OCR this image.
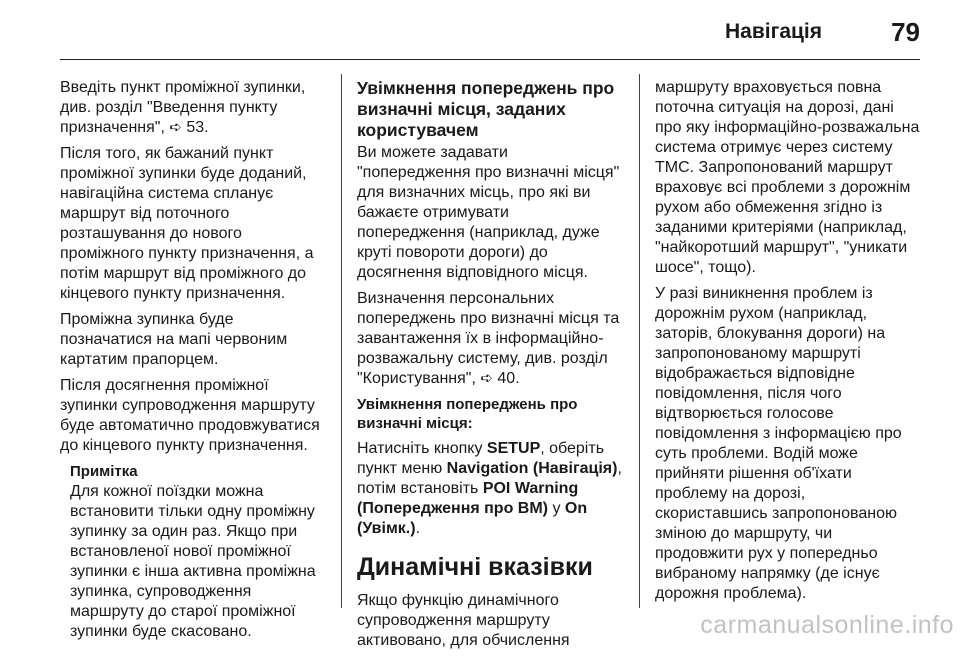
Навігація	79

Введіть пункт проміжної зупинки,
див. розділ "Введення пункту
призначення", ➪ 53.

Після того, як бажаний пункт
проміжної зупинки буде доданий,
навігаційна система спланує
маршрут від поточного
розташування до нового
проміжного пункту призначення, а
потім маршрут від проміжного до
кінцевого пункту призначення.

Проміжна зупинка буде
позначатися на мапі червоним
картатим прапорцем.

Після досягнення проміжної
зупинки супроводження маршруту
буде автоматично продовжуватися
до кінцевого пункту призначення.

Примітка
Для кожної поїздки можна
встановити тільки одну проміжну
зупинку за один раз. Якщо при
встановленої нової проміжної
зупинки є інша активна проміжна
зупинка, супроводження
маршруту до старої проміжної
зупинки буде скасовано.
Увімкнення попереджень про
визначні місця, заданих
користувачем

Ви можете задавати
"попередження про визначні місця"
для визначних місць, про які ви
бажаєте отримувати
попередження (наприклад, дуже
круті повороти дороги) до
досягнення відповідного місця.

Визначення персональних
попереджень про визначні місця та
завантаження їх в інформаційно-
розважальну систему, див. розділ
"Користування", ➪ 40.

Увімкнення попереджень про
визначні місця:

Натисніть кнопку SETUP, оберіть
пункт меню Navigation (Навігація),
потім встановіть POI Warning
(Попередження про ВМ) у On
(Увімк.).

Динамічні вказівки

Якщо функцію динамічного
супроводження маршруту
активовано, для обчислення

маршруту враховується повна
поточна ситуація на дорозі, дані
про яку інформаційно-розважальна
система отримує через систему
TMC. Запропонований маршрут
враховує всі проблеми з дорожнім
рухом або обмеження згідно із
заданими критеріями (наприклад,
"найкоротший маршрут", "уникати
шосе", тощо).

У разі виникнення проблем із
дорожнім рухом (наприклад,
заторів, блокування дороги) на
запропонованому маршруті
відображається відповідне
повідомлення, після чого
відтворюється голосове
повідомлення з інформацією про
суть проблеми. Водій може
прийняти рішення об'їхати
проблему на дорозі,
скориставшись запропонованою
зміною до маршруту, чи
продовжити рух у попередньо
вибраному напрямку (де існує
дорожня проблема).

carmanualsonline.info
